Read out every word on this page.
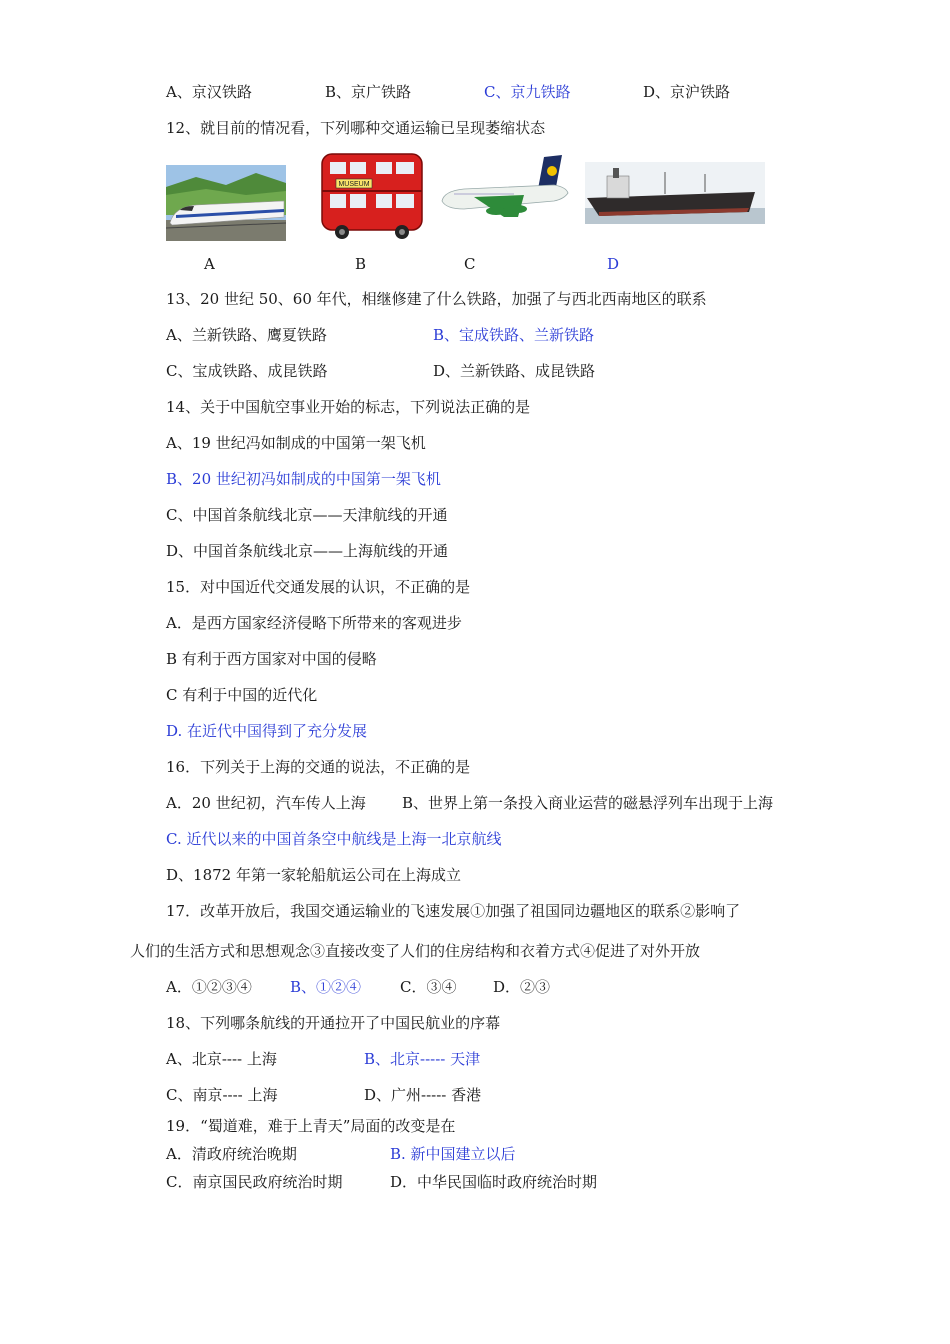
A、京汉铁路	B、京广铁路	C、京九铁路	D、京沪铁路
12、就目前的情况看，下列哪种交通运输已呈现萎缩状态
MUSEUM
A	B	C	D
13、20 世纪 50、60 年代，相继修建了什么铁路，加强了与西北西南地区的联系
A、兰新铁路、鹰夏铁路	B、宝成铁路、兰新铁路
C、宝成铁路、成昆铁路	D、兰新铁路、成昆铁路
14、关于中国航空事业开始的标志，下列说法正确的是
A、19 世纪冯如制成的中国第一架飞机
B、20 世纪初冯如制成的中国第一架飞机
C、中国首条航线北京——天津航线的开通
D、中国首条航线北京——上海航线的开通
15．对中国近代交通发展的认识，不正确的是
A．是西方国家经济侵略下所带来的客观进步
B 有利于西方国家对中国的侵略
C 有利于中国的近代化
D. 在近代中国得到了充分发展
16．下列关于上海的交通的说法，不正确的是
A．20 世纪初，汽车传人上海 B、世界上第一条投入商业运营的磁悬浮列车出现于上海
C. 近代以来的中国首条空中航线是上海一北京航线
D、1872 年第一家轮船航运公司在上海成立
17．改革开放后，我国交通运输业的飞速发展①加强了祖国同边疆地区的联系②影响了
人们的生活方式和思想观念③直接改变了人们的住房结构和衣着方式④促进了对外开放
A．①②③④	B、①②④	C．③④ D．②③
18、下列哪条航线的开通拉开了中国民航业的序幕
A、北京---- 上海	B、北京----- 天津
C、南京---- 上海	D、广州----- 香港
19．“蜀道难，难于上青天”局面的改变是在
A．清政府统治晚期	B. 新中国建立以后
C．南京国民政府统治时期	D．中华民国临时政府统治时期
